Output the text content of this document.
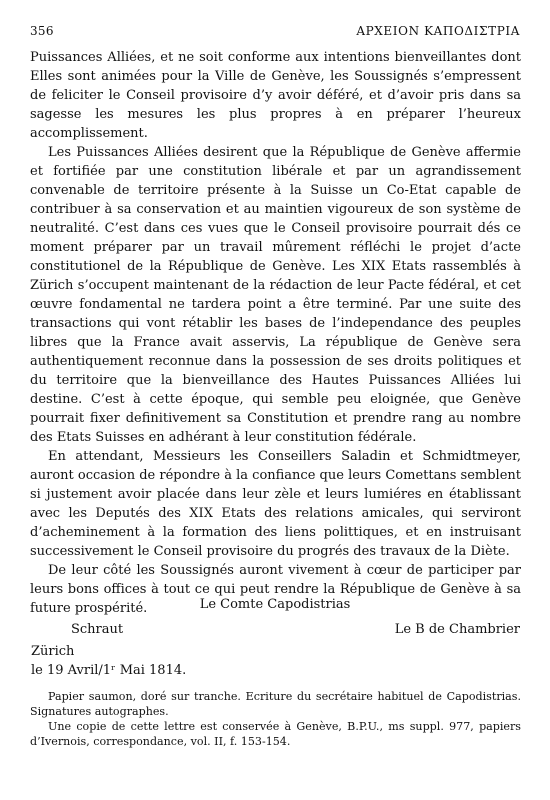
356	ΑΡΧΕΙΟΝ ΚΑΠΟΔΙΣΤΡΙΑ

Puissances Alliées, et ne soit conforme aux intentions bienveillantes dont Elles sont animées pour la Ville de Genève, les Soussignés s’empressent de feliciter le Conseil provisoire d’y avoir déféré, et d’avoir pris dans sa sagesse les mesures les plus propres à en préparer l’heureux accomplissement.

Les Puissances Alliées desirent que la République de Genève affermie et fortifiée par une constitution libérale et par un agrandissement convenable de territoire présente à la Suisse un Co-Etat capable de contribuer à sa conservation et au maintien vigoureux de son système de neutralité. C’est dans ces vues que le Conseil provisoire pourrait dés ce moment préparer par un travail mûrement réfléchi le projet d’acte constitutionel de la République de Genève. Les XIX Etats rassemblés à Zürich s’occupent maintenant de la rédaction de leur Pacte fédéral, et cet œuvre fondamental ne tardera point a être terminé. Par une suite des transactions qui vont rétablir les bases de l’independance des peuples libres que la France avait asservis, La république de Genève sera authentiquement reconnue dans la possession de ses droits politiques et du territoire que la bienveillance des Hautes Puissances Alliées lui destine. C’est à cette époque, qui semble peu eloignée, que Genève pourrait fixer definitivement sa Constitution et prendre rang au nombre des Etats Suisses en adhérant à leur constitution fédérale.

En attendant, Messieurs les Conseillers Saladin et Schmidtmeyer, auront occasion de répondre à la confiance que leurs Comettans semblent si justement avoir placée dans leur zèle et leurs lumiéres en établissant avec les Deputés des XIX Etats des relations amicales, qui serviront d’acheminement à la formation des liens polittiques, et en instruisant successivement le Conseil provisoire du progrés des travaux de la Diète.

De leur côté les Soussignés auront vivement à cœur de participer par leurs bons offices à tout ce qui peut rendre la République de Genève à sa future prospérité.	Le Comte Capodistrias
Schraut	Le B de Chambrier
Zürich
le 19 Avril/1ʳ Mai 1814.

Papier saumon, doré sur tranche. Ecriture du secrétaire habituel de Capodistrias. Signatures autographes.

Une copie de cette lettre est conservée à Genève, B.P.U., ms suppl. 977, papiers d’Ivernois, correspondance, vol. II, f. 153-154.
